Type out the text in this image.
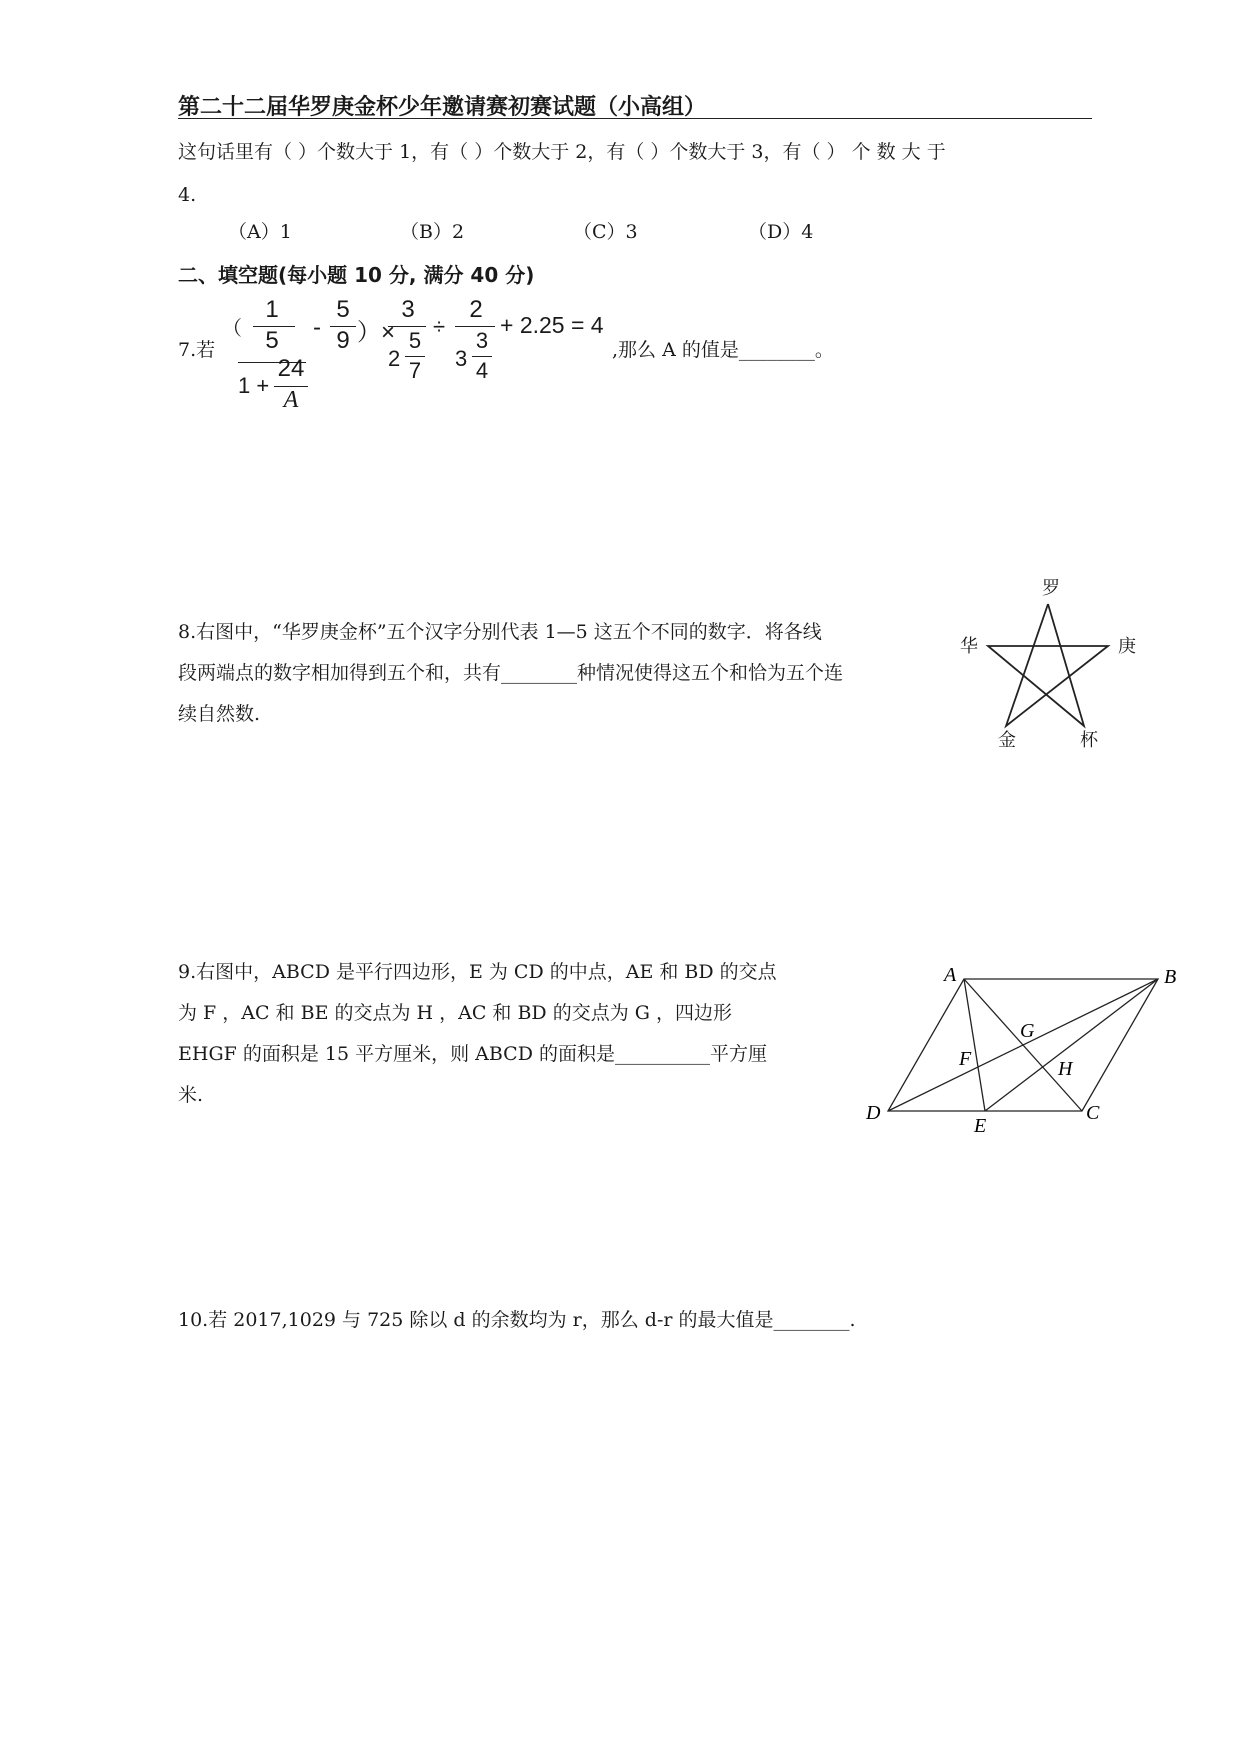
第二十二届华罗庚金杯少年邀请赛初赛试题（小高组）
这句话里有（ ）个数大于 1，有（ ）个数大于 2，有（ ）个数大于 3，有（ ） 个 数 大 于
4.
（A）1	（B）2	（C）3	（D）4
二、填空题(每小题 10 分, 满分 40 分)
7.若
（
1
5
1 +
24
A
-
5
9 ）×
3
2
5
7
÷
2
3
3
4
+ 2.25 = 4
,那么 A 的值是________。
8.右图中，“华罗庚金杯”五个汉字分别代表 1—5 这五个不同的数字．将各线
段两端点的数字相加得到五个和，共有________种情况使得这五个和恰为五个连
续自然数.
罗
华	庚
金	杯
9.右图中，ABCD 是平行四边形，E 为 CD 的中点，AE 和 BD 的交点
为 F ，AC 和 BE 的交点为 H ，AC 和 BD 的交点为 G ，四边形
EHGF 的面积是 15 平方厘米，则 ABCD 的面积是__________平方厘
米.
A	B
C
D
E
F
G
H
10.若 2017,1029 与 725 除以 d 的余数均为 r，那么 d-r 的最大值是________.
